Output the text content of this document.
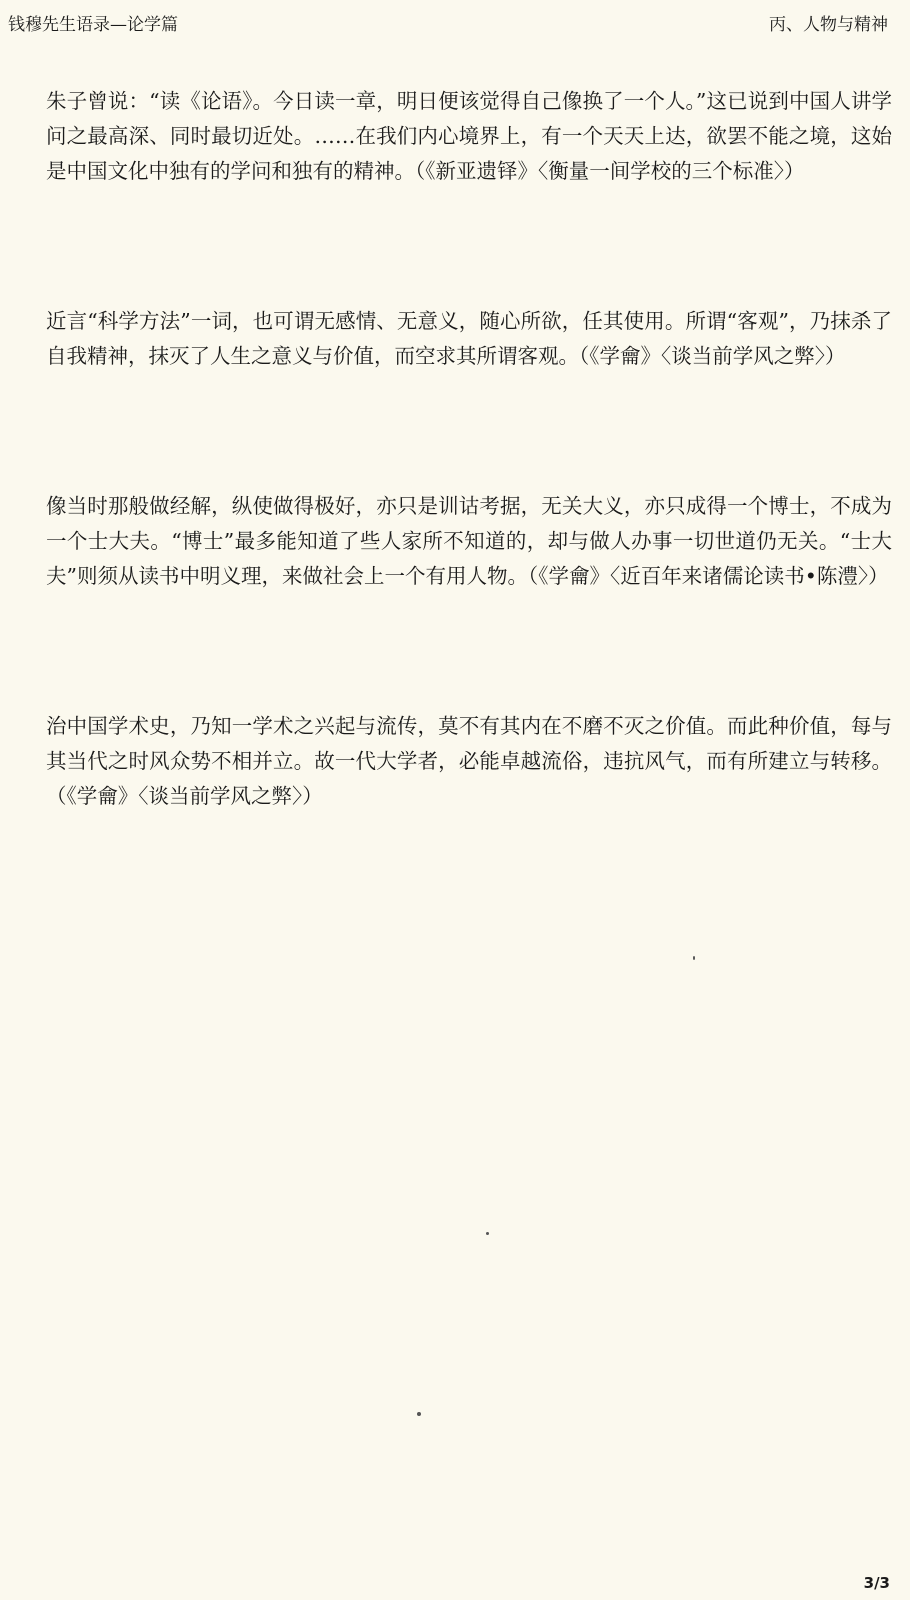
钱穆先生语录—论学篇	丙、人物与精神

朱子曾说：“读《论语》。今日读一章，明日便该觉得自己像换了一个人。”这已说到中国人讲学问之最高深、同时最切近处。……在我们内心境界上，有一个天天上达，欲罢不能之境，这始是中国文化中独有的学问和独有的精神。（《新亚遗铎》〈衡量一间学校的三个标准〉）

近言“科学方法”一词，也可谓无感情、无意义，随心所欲，任其使用。所谓“客观”，乃抹杀了自我精神，抹灭了人生之意义与价值，而空求其所谓客观。（《学龠》〈谈当前学风之弊〉）

像当时那般做经解，纵使做得极好，亦只是训诂考据，无关大义，亦只成得一个博士，不成为一个士大夫。“博士”最多能知道了些人家所不知道的，却与做人办事一切世道仍无关。“士大夫”则须从读书中明义理，来做社会上一个有用人物。（《学龠》〈近百年来诸儒论读书•陈澧〉）

治中国学术史，乃知一学术之兴起与流传，莫不有其内在不磨不灭之价值。而此种价值，每与其当代之时风众势不相并立。故一代大学者，必能卓越流俗，违抗风气，而有所建立与转移。（《学龠》〈谈当前学风之弊〉）

3/3
